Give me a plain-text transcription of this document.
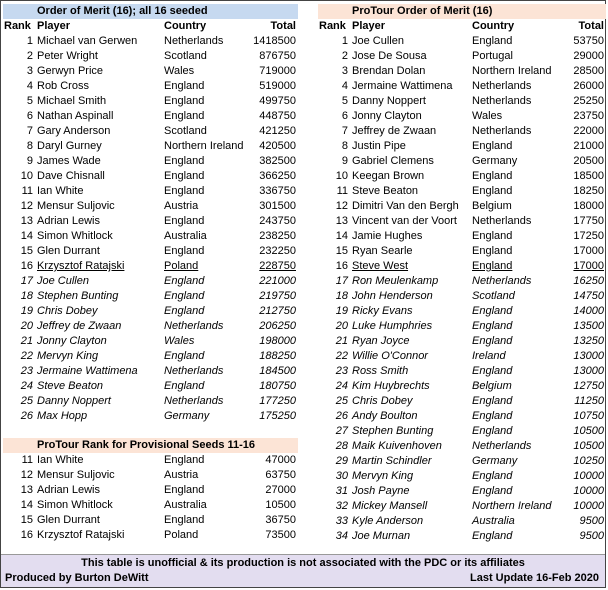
Order of Merit (16); all 16 seeded
Rank Player	Country	Total
1 Michael van Gerwen	Netherlands	1418500
2 Peter Wright	Scotland	876750
3 Gerwyn Price	Wales	719000
4 Rob Cross	England	519000
5 Michael Smith	England	499750
6 Nathan Aspinall	England	448750
7 Gary Anderson	Scotland	421250
8 Daryl Gurney	Northern Ireland	420500
9 James Wade	England	382500
10 Dave Chisnall	England	366250
11 Ian White	England	336750
12 Mensur Suljovic	Austria	301500
13 Adrian Lewis	England	243750
14 Simon Whitlock	Australia	238250
15 Glen Durrant	England	232250
16 Krzysztof Ratajski	Poland	228750
17 Joe Cullen	England	221000
18 Stephen Bunting	England	219750
19 Chris Dobey	England	212750
20 Jeffrey de Zwaan	Netherlands	206250
21 Jonny Clayton	Wales	198000
22 Mervyn King	England	188250
23 Jermaine Wattimena	Netherlands	184500
24 Steve Beaton	England	180750
25 Danny Noppert	Netherlands	177250
26 Max Hopp	Germany	175250
ProTour Rank for Provisional Seeds 11-16
11 Ian White	England	47000
12 Mensur Suljovic	Austria	63750
13 Adrian Lewis	England	27000
14 Simon Whitlock	Australia	10500
15 Glen Durrant	England	36750
16 Krzysztof Ratajski	Poland	73500
ProTour Order of Merit (16)
Rank Player	Country	Total
1 Joe Cullen	England	53750
2 Jose De Sousa	Portugal	29000
3 Brendan Dolan	Northern Ireland	28500
4 Jermaine Wattimena	Netherlands	26000
5 Danny Noppert	Netherlands	25250
6 Jonny Clayton	Wales	23750
7 Jeffrey de Zwaan	Netherlands	22000
8 Justin Pipe	England	21000
9 Gabriel Clemens	Germany	20500
10 Keegan Brown	England	18500
11 Steve Beaton	England	18250
12 Dimitri Van den Bergh	Belgium	18000
13 Vincent van der Voort	Netherlands	17750
14 Jamie Hughes	England	17250
15 Ryan Searle	England	17000
16 Steve West	England	17000
17 Ron Meulenkamp	Netherlands	16250
18 John Henderson	Scotland	14750
19 Ricky Evans	England	14000
20 Luke Humphries	England	13500
21 Ryan Joyce	England	13250
22 Willie O'Connor	Ireland	13000
23 Ross Smith	England	13000
24 Kim Huybrechts	Belgium	12750
25 Chris Dobey	England	11250
26 Andy Boulton	England	10750
27 Stephen Bunting	England	10500
28 Maik Kuivenhoven	Netherlands	10500
29 Martin Schindler	Germany	10250
30 Mervyn King	England	10000
31 Josh Payne	England	10000
32 Mickey Mansell	Northern Ireland	10000
33 Kyle Anderson	Australia	9500
34 Joe Murnan	England	9500
This table is unofficial & its production is not associated with the PDC or its affiliates
Produced by Burton DeWitt	Last Update 16-Feb 2020
